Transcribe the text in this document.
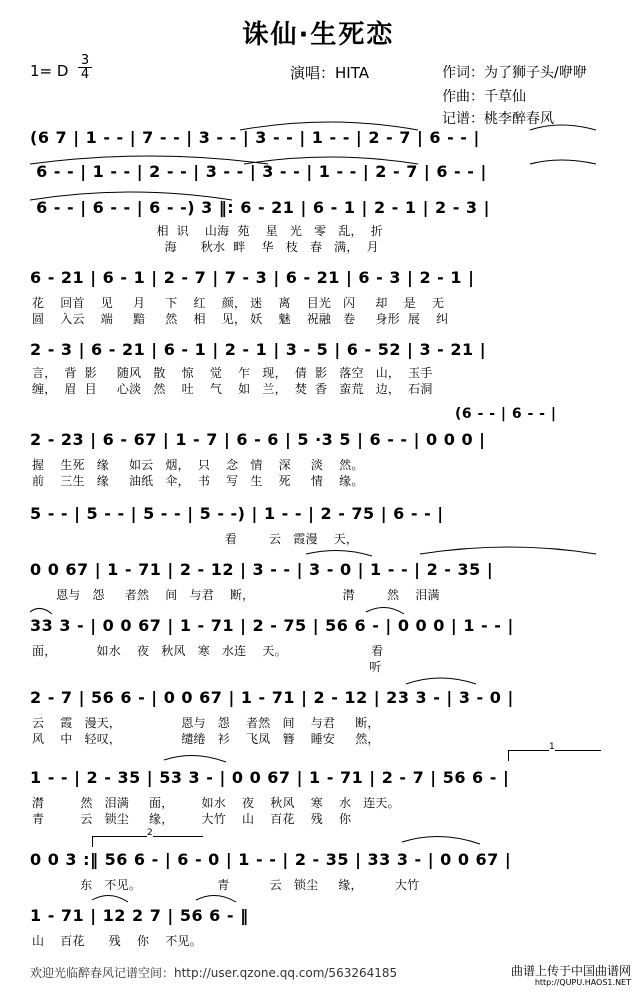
诛仙·生死恋
1= D $\frac{3}{4}$	演唱：HITA	作词：为了狮子头/咿咿
作曲：千草仙
记谱：桃李醉春风
(6 7 | 1 - - | 7 - - | 3 - - | 3 - - | 1 - - | 2 - 7 | 6 - - |
6 - - | 1 - - | 2 - - | 3 - - | 3 - - | 1 - - | 2 - 7 | 6 - - |
6 - - | 6 - - | 6 - -) 3 ‖: 6 - 21 | 6 - 1 | 2 - 1 | 2 - 3 |
相  识    山海  苑    星   光   零   乱，  折
海      秋水  畔    华   枝   春   满，  月
6 - 21 | 6 - 1 | 2 - 7 | 7 - 3 | 6 - 21 | 6 - 3 | 2 - 1 |
花    回首    见     月     下    红    颜， 迷    离    目光   闪     却    是    无
圆    入云    端     黯     然    相    见， 妖    魅    祝融   卷     身形  展    纠
2 - 3 | 6 - 21 | 6 - 1 | 2 - 1 | 3 - 5 | 6 - 52 | 3 - 21 |
言，  背  影     随风   散    惊    觉    乍   现，  倩  影   落空   山，  玉手
缠，  眉  目     心淡   然    吐    气    如   兰，  焚  香   蛮荒   边，  石洞
(6 - - | 6 - - |
2 - 23 | 6 - 67 | 1 - 7 | 6 - 6 | 5 ·3 5 | 6 - - | 0 0 0 |
握    生死   缘     如云   烟，  只    念   情    深     淡    然。
前    三生   缘     油纸   伞，  书    写   生    死     情    缘。
5 - - | 5 - - | 5 - - | 5 - -) | 1 - - | 2 - 75 | 6 - - |
看        云   霞漫    天，
0 0 67 | 1 - 71 | 2 - 12 | 3 - - | 3 - 0 | 1 - - | 2 - 35 |
恩与   怨     者然    间   与君    断，                      潸        然    泪满
33 3 - | 0 0 67 | 1 - 71 | 2 - 75 | 56 6 - | 0 0 0 | 1 - - |
面，          如水    夜   秋风   寒   水连    天。                     看
听
2 - 7 | 56 6 - | 0 0 67 | 1 - 71 | 2 - 12 | 23 3 - | 3 - 0 |
云    霞   漫天，               恩与   怨    者然   间    与君     断，
风    中   轻叹，               缱绻   衫    飞凤   簪    睡安     然，
1 - - | 2 - 35 | 53 3 - | 0 0 67 | 1 - 71 | 2 - 7 | 56 6 - |
潸         然   泪满     面，       如水    夜    秋风    寒    水   连天。
青         云   锁尘     缘，       大竹    山    百花    残    你
0 0 3 :‖ 56 6 - | 6 - 0 | 1 - - | 2 - 35 | 33 3 - | 0 0 67 |
东   不见。                   青          云   锁尘     缘，        大竹
1 - 71 | 12 2 7 | 56 6 - ‖
山    百花      残    你    不见。
1
2
欢迎光临醉春风记谱空间：http://user.qzone.qq.com/563264185	曲谱上传于中国曲谱网
http://QUPU.HAOS1.NET
